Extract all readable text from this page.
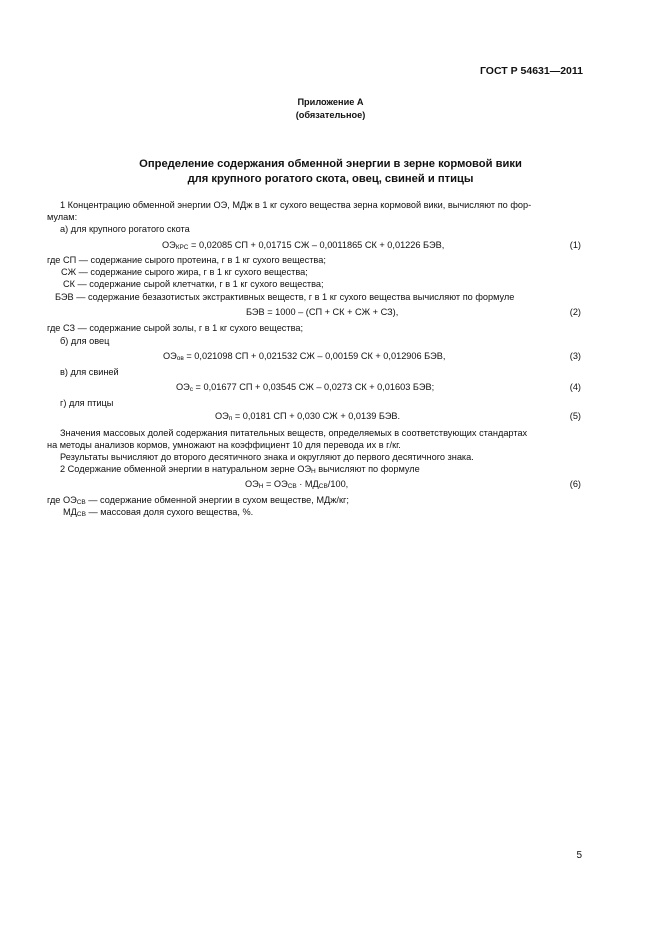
ГОСТ Р 54631—2011
Приложение А
(обязательное)
Определение содержания обменной энергии в зерне кормовой вики
для крупного рогатого скота, овец, свиней и птицы
1 Концентрацию обменной энергии ОЭ, МДж в 1 кг сухого вещества зерна кормовой вики, вычисляют по фор-
мулам:
а) для крупного рогатого скота
$ОЭ_{КРС} = 0,02085$ СП + 0,01715 СЖ – 0,0011865 СК + 0,01226 БЭВ,	(1)
где СП — содержание сырого протеина, г в 1 кг сухого вещества;
СЖ — содержание сырого жира, г в 1 кг сухого вещества;
СК — содержание сырой клетчатки, г в 1 кг сухого вещества;
БЭВ — содержание безазотистых экстрактивных веществ, г в 1 кг сухого вещества вычисляют по формуле
БЭВ = 1000 – (СП + СК + СЖ + СЗ),	(2)
где СЗ — содержание сырой золы, г в 1 кг сухого вещества;
б) для овец
$ОЭ_{ов} = 0,021098$ СП + 0,021532 СЖ – 0,00159 СК + 0,012906 БЭВ,	(3)
в) для свиней
$ОЭ_с = 0,01677$ СП + 0,03545 СЖ – 0,0273 СК + 0,01603 БЭВ;	(4)
г) для птицы
$ОЭ_п = 0,0181$ СП + 0,030 СЖ + 0,0139 БЭВ.	(5)
Значения массовых долей содержания питательных веществ, определяемых в соответствующих стандартах
на методы анализов кормов, умножают на коэффициент 10 для перевода их в г/кг.
Результаты вычисляют до второго десятичного знака и округляют до первого десятичного знака.
2 Содержание обменной энергии в натуральном зерне $ОЭ_Н$ вычисляют по формуле
$ОЭ_Н = ОЭ_{СВ} \cdot МД_{СВ}/100$,	(6)
где $ОЭ_{СВ}$ — содержание обменной энергии в сухом веществе, МДж/кг;
$МД_{СВ}$ — массовая доля сухого вещества, %.
5
